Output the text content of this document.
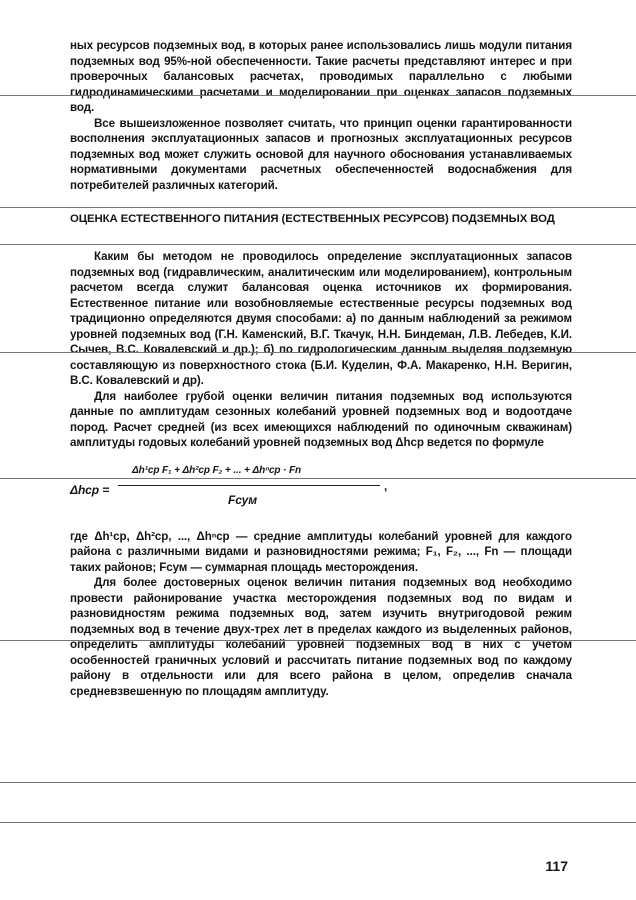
ных ресурсов подземных вод, в которых ранее использовались лишь модули питания подземных вод 95%-ной обеспеченности. Такие расчеты представляют интерес и при проверочных балансовых расчетах, проводимых параллельно с любыми гидродинамическими расчетами и моделировании при оценках запасов подземных вод.

Все вышеизложенное позволяет считать, что принцип оценки гарантированности восполнения эксплуатационных запасов и прогнозных эксплуатационных ресурсов подземных вод может служить основой для научного обоснования устанавливаемых нормативными документами расчетных обеспеченностей водоснабжения для потребителей различных категорий.

ОЦЕНКА ЕСТЕСТВЕННОГО ПИТАНИЯ (ЕСТЕСТВЕННЫХ РЕСУРСОВ) ПОДЗЕМНЫХ ВОД

Каким бы методом не проводилось определение эксплуатационных запасов подземных вод (гидравлическим, аналитическим или моделированием), контрольным расчетом всегда служит балансовая оценка источников их формирования. Естественное питание или возобновляемые естественные ресурсы подземных вод традиционно определяются двумя способами: а) по данным наблюдений за режимом уровней подземных вод (Г.Н. Каменский, В.Г. Ткачук, Н.Н. Биндеман, Л.В. Лебедев, К.И. Сычев, В.С. Ковалевский и др.); б) по гидрологическим данным выделяя подземную составляющую из поверхностного стока (Б.И. Куделин, Ф.А. Макаренко, Н.Н. Веригин, В.С. Ковалевский и др).

Для наиболее грубой оценки величин питания подземных вод используются данные по амплитудам сезонных колебаний уровней подземных вод и водоотдаче пород. Расчет средней (из всех имеющихся наблюдений по одиночным скважинам) амплитуды годовых колебаний уровней подземных вод Δhср ведется по формуле

Δhср =
Δh¹ср F₁ + Δh²ср F₂ + ... + Δhⁿср · Fn
,
Fсум

где Δh¹ср, Δh²ср, ..., Δhⁿср — средние амплитуды колебаний уровней для каждого района с различными видами и разновидностями режима; F₁, F₂, ..., Fn — площади таких районов; Fсум — суммарная площадь месторождения.

Для более достоверных оценок величин питания подземных вод необходимо провести районирование участка месторождения подземных вод по видам и разновидностям режима подземных вод, затем изучить внутригодовой режим подземных вод в течение двух-трех лет в пределах каждого из выделенных районов, определить амплитуды колебаний уровней подземных вод в них с учетом особенностей граничных условий и рассчитать питание подземных вод по каждому району в отдельности или для всего района в целом, определив сначала средневзвешенную по площадям амплитуду.

117
